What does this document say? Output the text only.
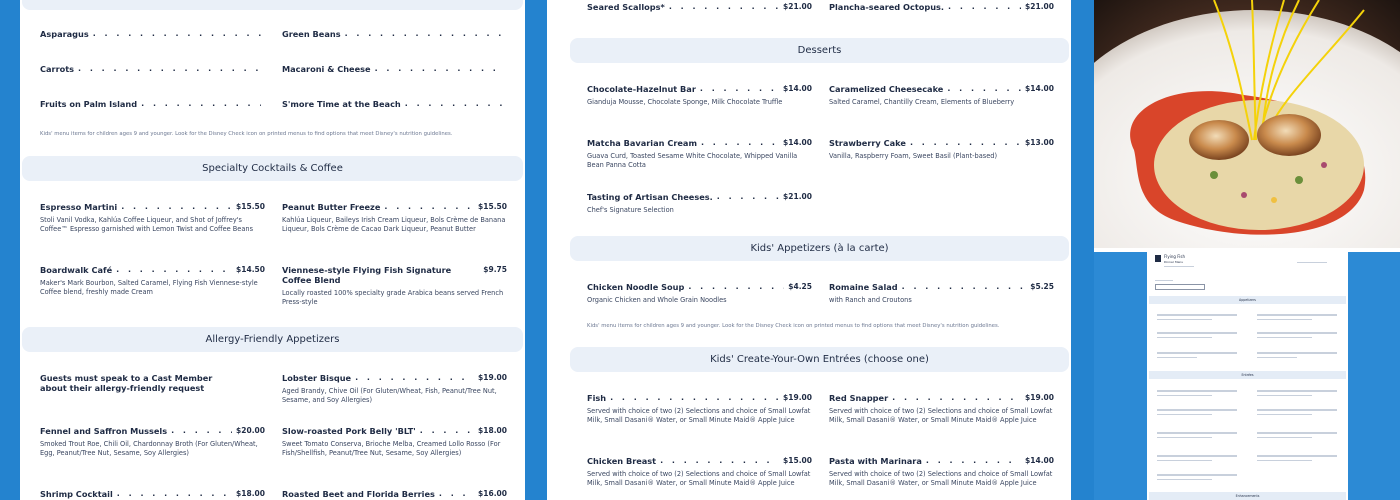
Asparagus . . .	Green Beans
. . .
Carrots . . .	Macaroni & Cheese
. . .
Fruits on Palm Island . . .	S'more Time at the Beach
. . .
Kids' menu items for children ages 9 and younger. Look for the Disney Check icon on printed menus to find options that meet Disney's nutrition guidelines.
Specialty Cocktails & Coffee
Espresso Martini . . .	$15.50
Stoli Vanil Vodka, Kahlúa Coffee Liqueur, and Shot of Joffrey's Coffee™ Espresso garnished with Lemon Twist and Coffee Beans
Peanut Butter Freeze . . .	$15.50
Kahlúa Liqueur, Baileys Irish Cream Liqueur, Bols Crème de Banana Liqueur, Bols Crème de Cacao Dark Liqueur, Peanut Butter
Boardwalk Café . . .	$14.50
Maker's Mark Bourbon, Salted Caramel, Flying Fish Viennese-style Coffee blend, freshly made Cream
Viennese-style Flying Fish Signature Coffee Blend
$9.75
Locally roasted 100% specialty grade Arabica beans served French Press-style
Allergy-Friendly Appetizers
Guests must speak to a Cast Member about their allergy-friendly request
Lobster Bisque . . .	$19.00
Aged Brandy, Chive Oil (For Gluten/Wheat, Fish, Peanut/Tree Nut, Sesame, and Soy Allergies)
Fennel and Saffron Mussels . . .	$20.00
Smoked Trout Roe, Chili Oil, Chardonnay Broth (For Gluten/Wheat, Egg, Peanut/Tree Nut, Sesame, Soy Allergies)
Slow-roasted Pork Belly 'BLT' . . .	$18.00
Sweet Tomato Conserva, Brioche Melba, Creamed Lollo Rosso (For Fish/Shellfish, Peanut/Tree Nut, Sesame, Soy Allergies)
Shrimp Cocktail . . .	$18.00 Roasted Beet and Florida Berries . . .	$16.00
Seared Scallops* . . .	$21.00 Plancha-seared Octopus. . . .	$21.00
Desserts
Chocolate-Hazelnut Bar . . .	$14.00
Gianduja Mousse, Chocolate Sponge, Milk Chocolate Truffle
Caramelized Cheesecake . . .	$14.00
Salted Caramel, Chantilly Cream, Elements of Blueberry
Matcha Bavarian Cream . . .	$14.00
Guava Curd, Toasted Sesame White Chocolate, Whipped Vanilla Bean Panna Cotta
Strawberry Cake . . .	$13.00
Vanilla, Raspberry Foam, Sweet Basil (Plant-based)
Tasting of Artisan Cheeses. . . .	$21.00
Chef's Signature Selection
Kids' Appetizers (à la carte)
Chicken Noodle Soup . . .	$4.25
Organic Chicken and Whole Grain Noodles
Romaine Salad . . .	$5.25
with Ranch and Croutons
Kids' menu items for children ages 9 and younger. Look for the Disney Check icon on printed menus to find options that meet Disney's nutrition guidelines.
Kids' Create-Your-Own Entrées (choose one)
Fish . . .	$19.00
Served with choice of two (2) Selections and choice of Small Lowfat Milk, Small Dasani® Water, or Small Minute Maid® Apple Juice
Red Snapper . . .	$19.00
Served with choice of two (2) Selections and choice of Small Lowfat Milk, Small Dasani® Water, or Small Minute Maid® Apple Juice
Chicken Breast . . .	$15.00
Served with choice of two (2) Selections and choice of Small Lowfat Milk, Small Dasani® Water, or Small Minute Maid® Apple Juice
Pasta with Marinara . . .	$14.00
Served with choice of two (2) Selections and choice of Small Lowfat Milk, Small Dasani® Water, or Small Minute Maid® Apple Juice
Flying Fish
Dinner Menu
Appetizers
Entrées
Enhancements
